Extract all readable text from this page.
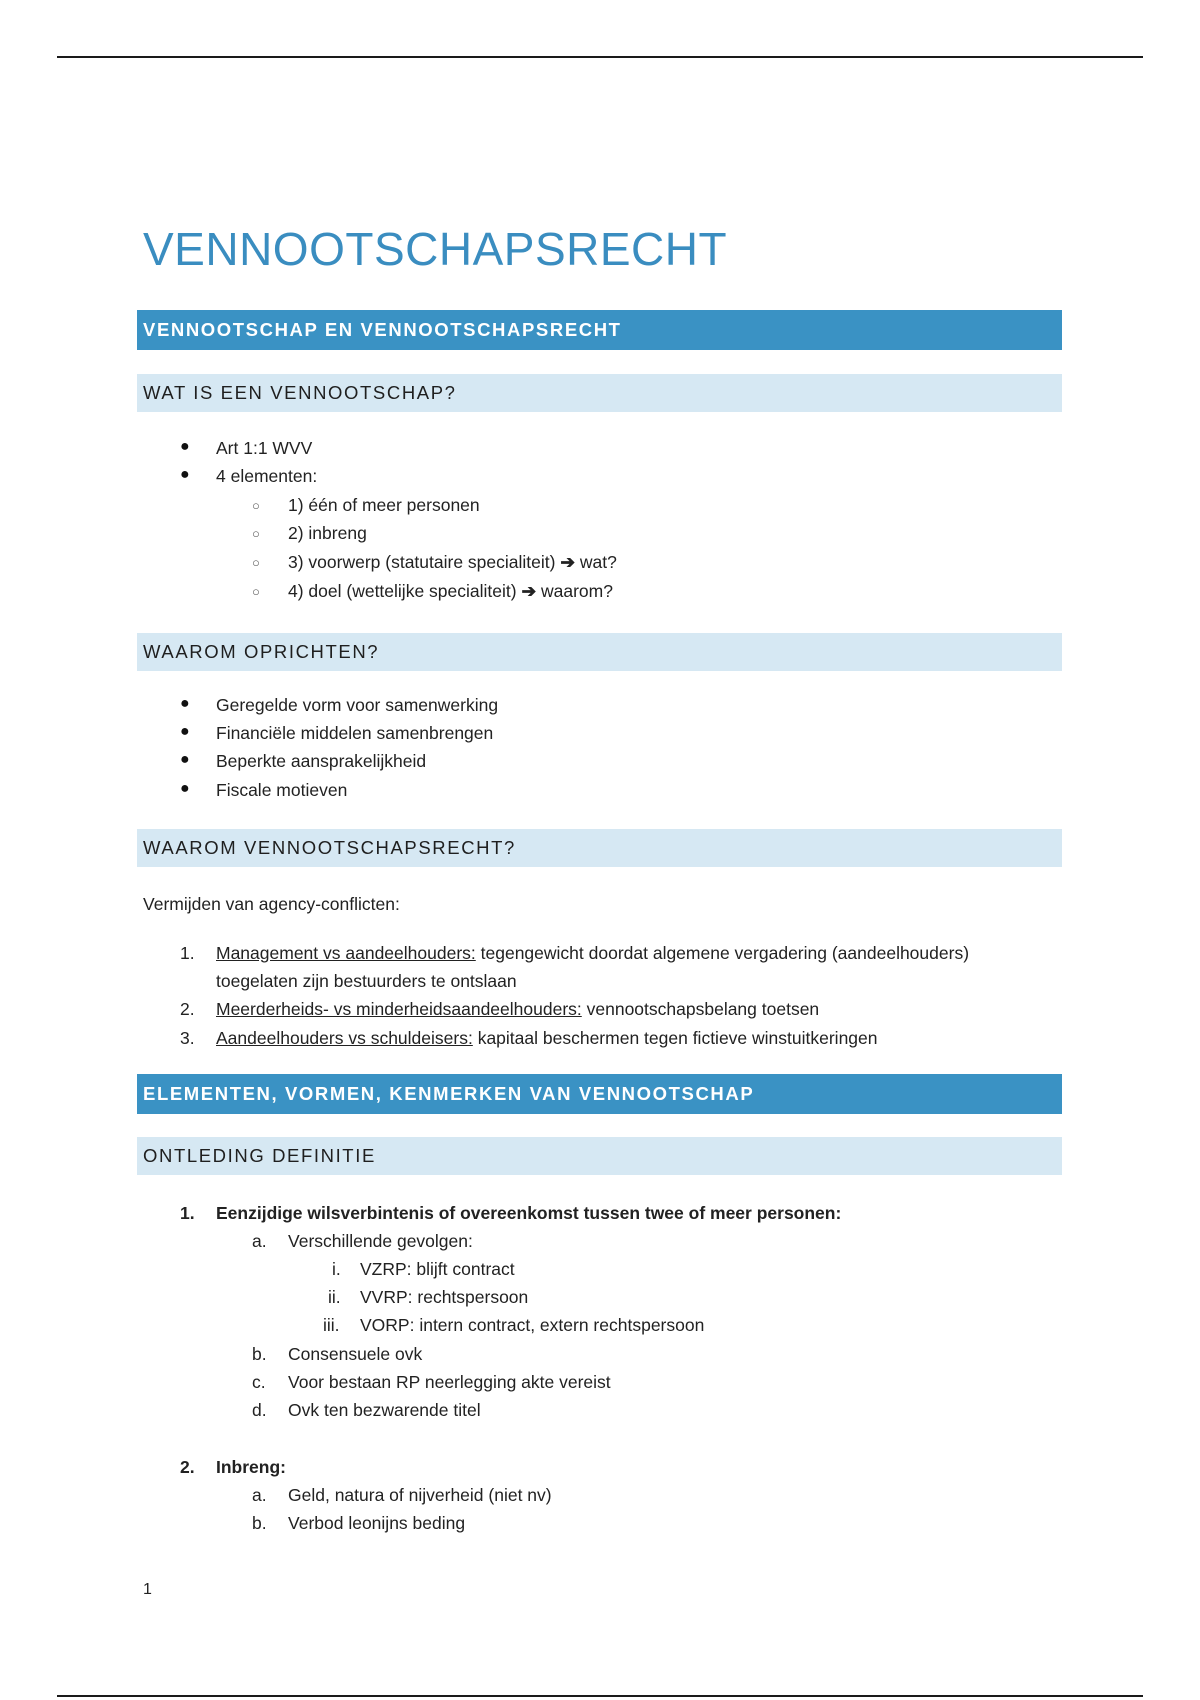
VENNOOTSCHAPSRECHT
VENNOOTSCHAP EN VENNOOTSCHAPSRECHT
WAT IS EEN VENNOOTSCHAP?
● Art 1:1 WVV
● 4 elementen:
○ 1) één of meer personen
○ 2) inbreng
○ 3) voorwerp (statutaire specialiteit) ➔ wat?
○ 4) doel (wettelijke specialiteit) ➔ waarom?
WAAROM OPRICHTEN?
● Geregelde vorm voor samenwerking
● Financiële middelen samenbrengen
● Beperkte aansprakelijkheid
● Fiscale motieven
WAAROM VENNOOTSCHAPSRECHT?
Vermijden van agency-conflicten:
1. Management vs aandeelhouders: tegengewicht doordat algemene vergadering (aandeelhouders)
toegelaten zijn bestuurders te ontslaan
2. Meerderheids- vs minderheidsaandeelhouders: vennootschapsbelang toetsen
3. Aandeelhouders vs schuldeisers: kapitaal beschermen tegen fictieve winstuitkeringen
ELEMENTEN, VORMEN, KENMERKEN VAN VENNOOTSCHAP
ONTLEDING DEFINITIE
1. Eenzijdige wilsverbintenis of overeenkomst tussen twee of meer personen:
a. Verschillende gevolgen:
i. VZRP: blijft contract
ii. VVRP: rechtspersoon
iii. VORP: intern contract, extern rechtspersoon
b. Consensuele ovk
c. Voor bestaan RP neerlegging akte vereist
d. Ovk ten bezwarende titel
2. Inbreng:
a. Geld, natura of nijverheid (niet nv)
b. Verbod leonijns beding
1
